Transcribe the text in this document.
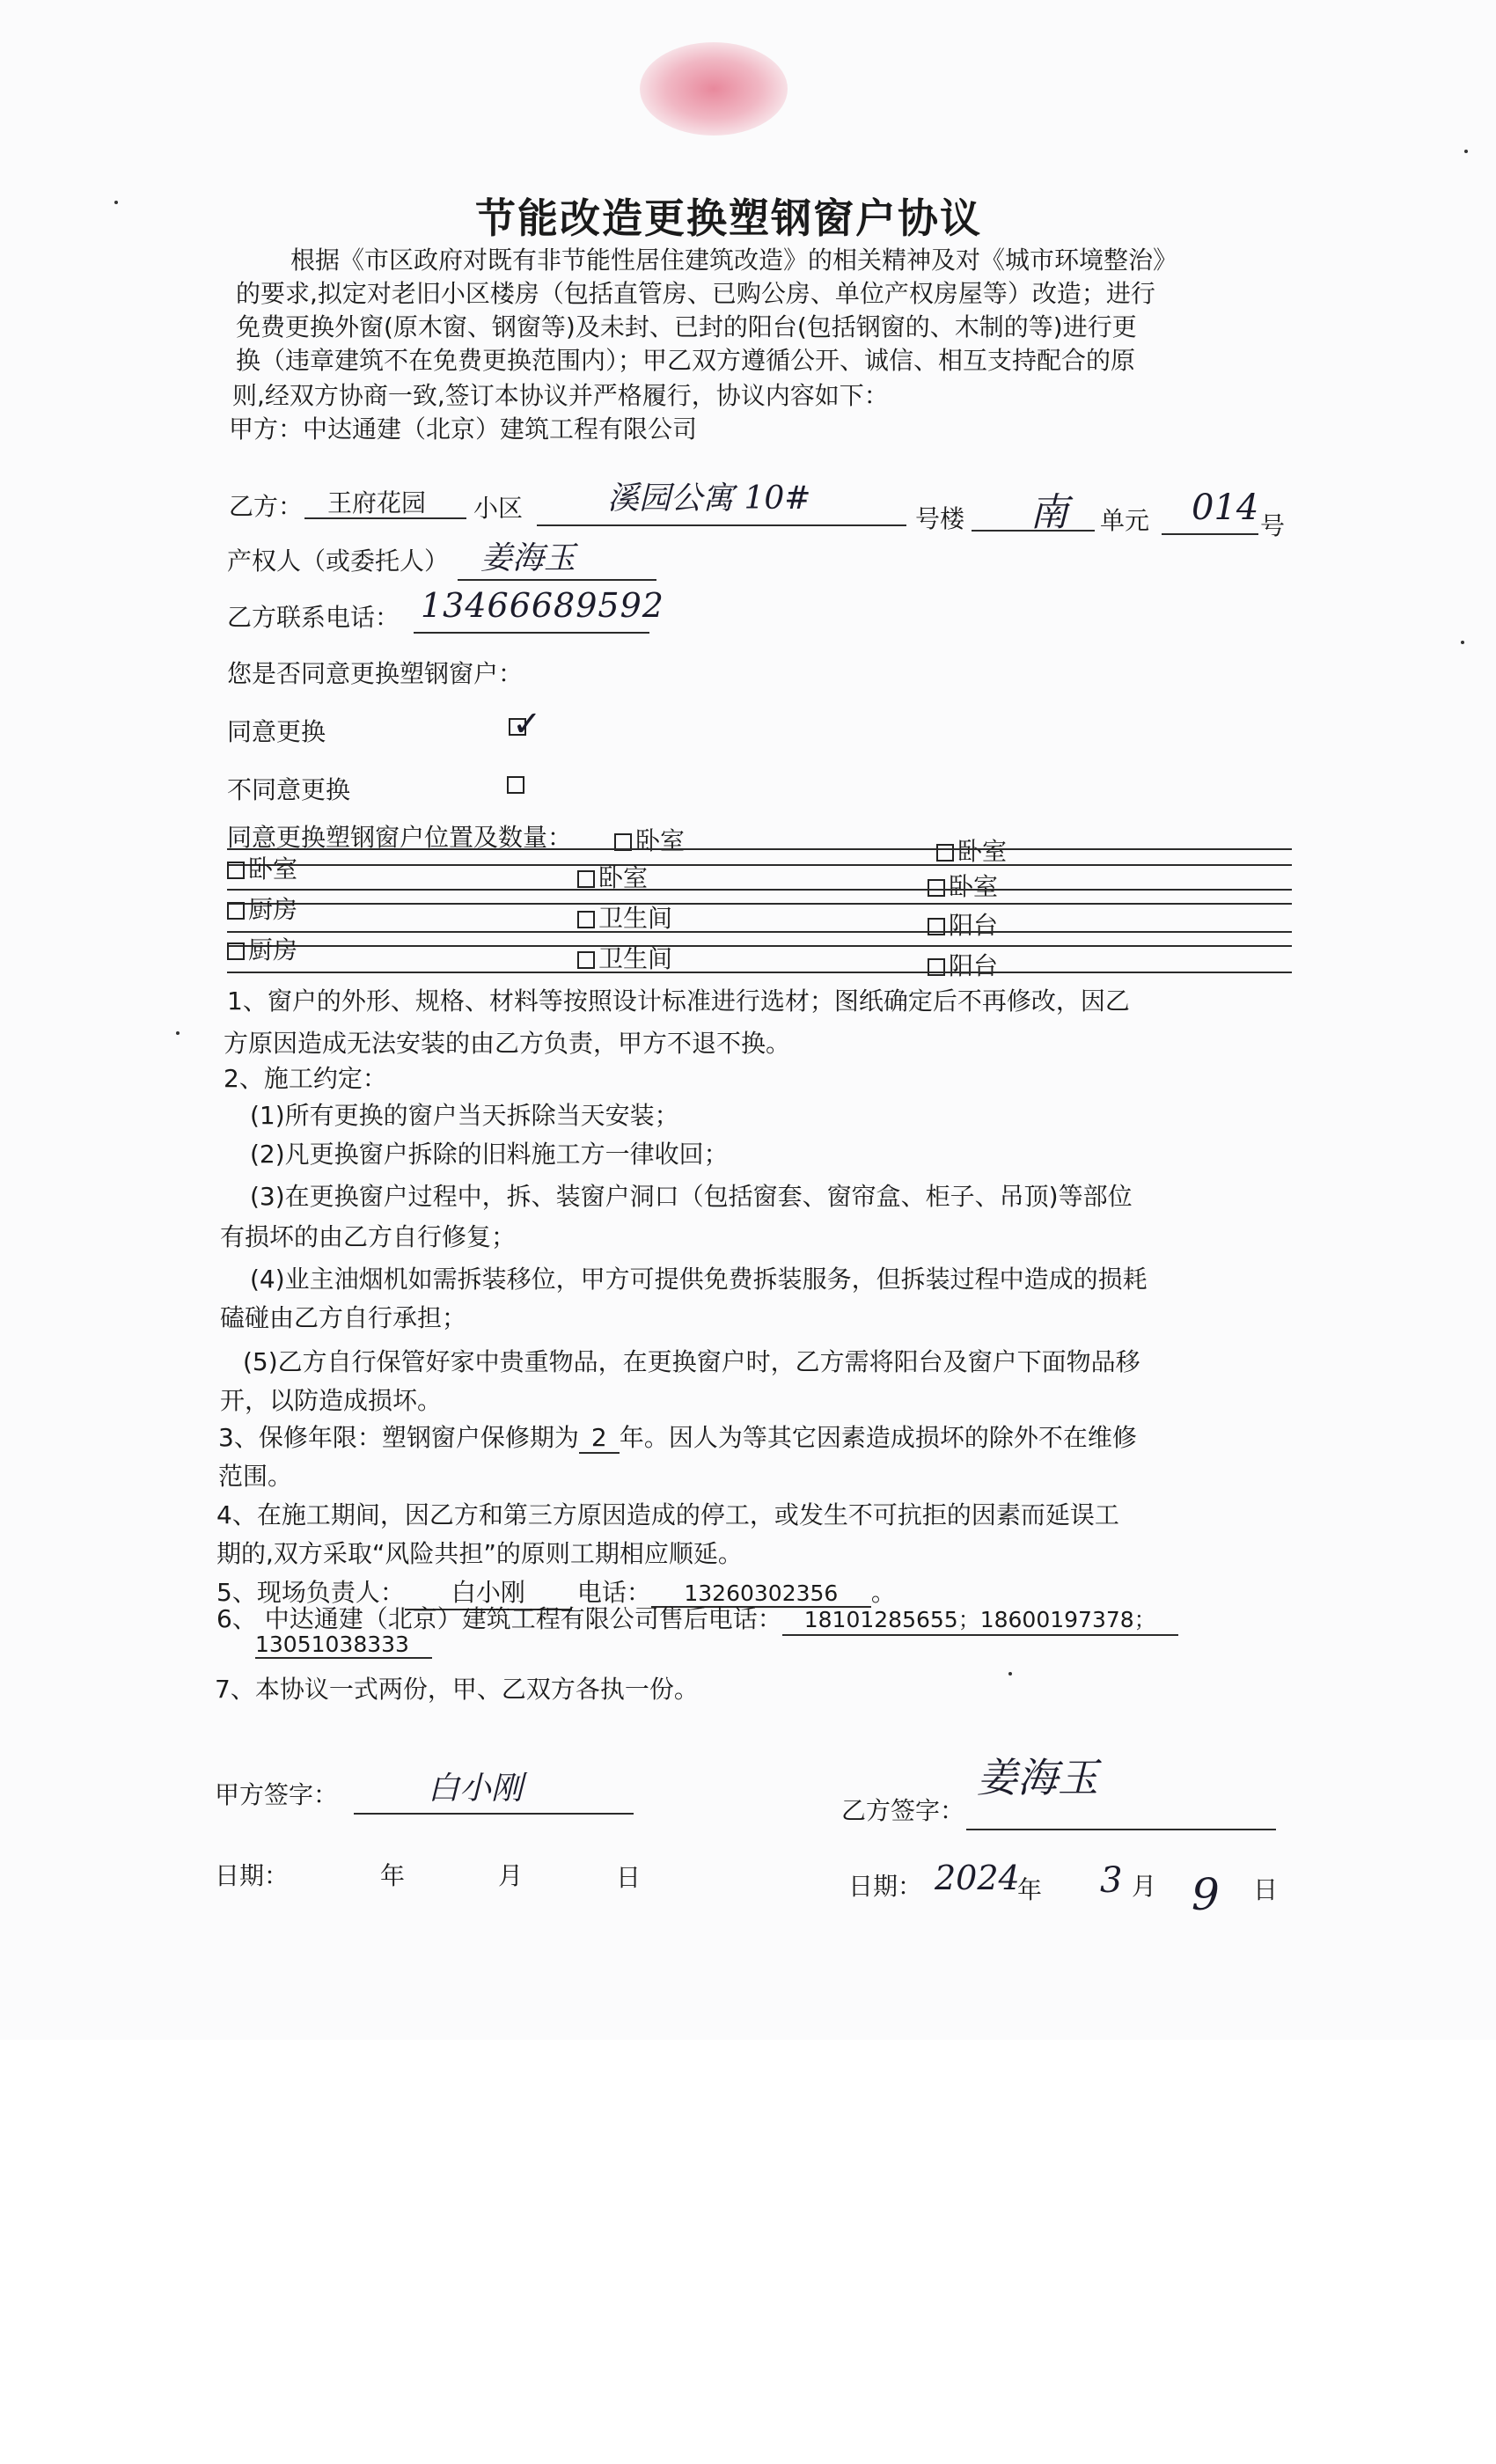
节能改造更换塑钢窗户协议
根据《市区政府对既有非节能性居住建筑改造》的相关精神及对《城市环境整治》
的要求,拟定对老旧小区楼房（包括直管房、已购公房、单位产权房屋等）改造；进行
免费更换外窗(原木窗、钢窗等)及未封、已封的阳台(包括钢窗的、木制的等)进行更
换（违章建筑不在免费更换范围内）；甲乙双方遵循公开、诚信、相互支持配合的原
则,经双方协商一致,签订本协议并严格履行，协议内容如下：
甲方：中达通建（北京）建筑工程有限公司
乙方： 王府花园 小区	溪园公寓 10#
号楼 南 单元 014 号
产权人（或委托人） 姜海玉
乙方联系电话： 13466689592
您是否同意更换塑钢窗户：
同意更换	✓
不同意更换
同意更换塑钢窗户位置及数量：	卧室	卧室
卧室	卧室	卧室
厨房	卫生间	阳台
厨房	卫生间	阳台
1、窗户的外形、规格、材料等按照设计标准进行选材；图纸确定后不再修改，因乙
方原因造成无法安装的由乙方负责，甲方不退不换。
2、施工约定：
(1)所有更换的窗户当天拆除当天安装；
(2)凡更换窗户拆除的旧料施工方一律收回；
(3)在更换窗户过程中，拆、装窗户洞口（包括窗套、窗帘盒、柜子、吊顶)等部位
有损坏的由乙方自行修复；
(4)业主油烟机如需拆装移位，甲方可提供免费拆装服务，但拆装过程中造成的损耗
磕碰由乙方自行承担；
(5)乙方自行保管好家中贵重物品，在更换窗户时，乙方需将阳台及窗户下面物品移
开，以防造成损坏。
3、保修年限：塑钢窗户保修期为 2 年。因人为等其它因素造成损坏的除外不在维修
范围。
4、在施工期间，因乙方和第三方原因造成的停工，或发生不可抗拒的因素而延误工
期的,双方采取“风险共担”的原则工期相应顺延。
5、现场负责人： 白小刚 电话： 13260302356 。
6、 中达通建（北京）建筑工程有限公司售后电话： 18101285655；18600197378；
13051038333
7、本协议一式两份，甲、乙双方各执一份。
甲方签字：	白小刚
乙方签字：
姜海玉
日期：	年	月	日	日期： 2024
年 3 月 9 日
